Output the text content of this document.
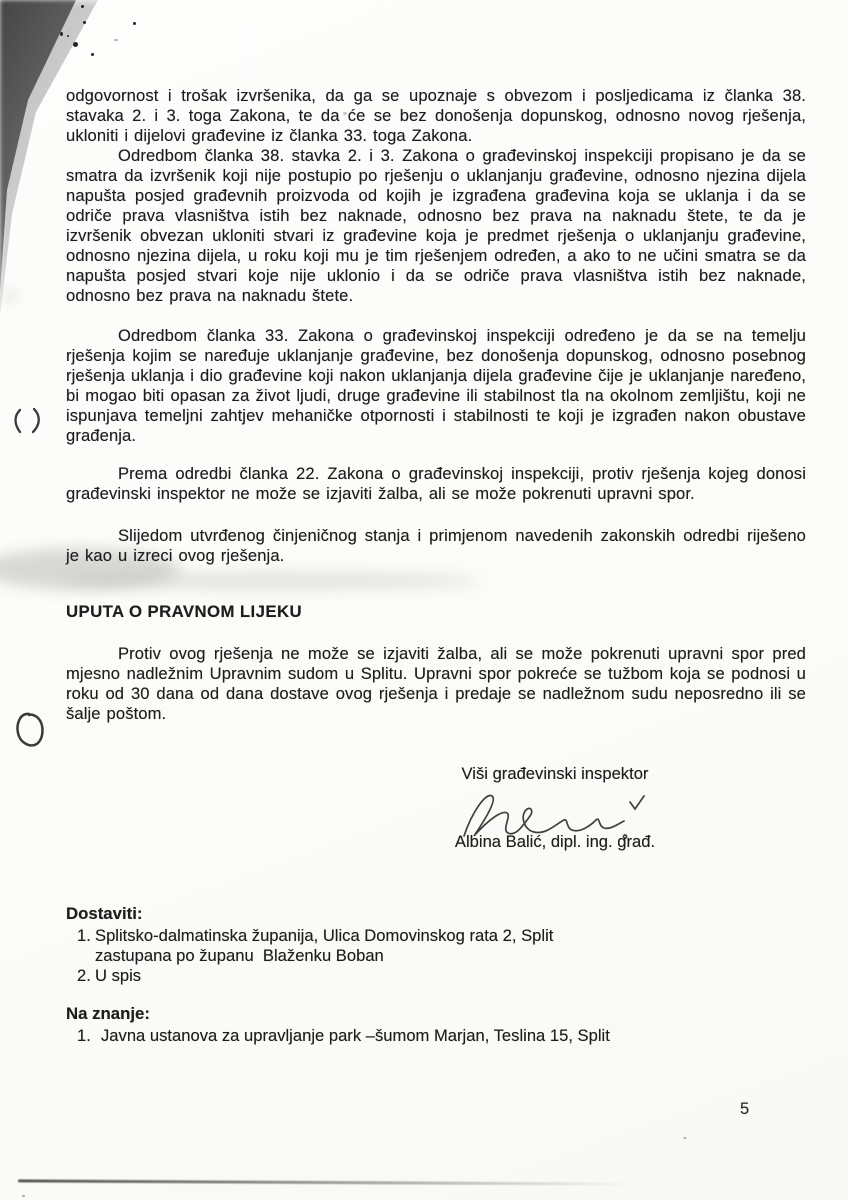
odgovornost i trošak izvršenika, da ga se upoznaje s obvezom i posljedicama iz članka 38. stavaka 2. i 3. toga Zakona, te da će se bez donošenja dopunskog, odnosno novog rješenja, ukloniti i dijelovi građevine iz članka 33. toga Zakona.

Odredbom članka 38. stavka 2. i 3. Zakona o građevinskoj inspekciji propisano je da se smatra da izvršenik koji nije postupio po rješenju o uklanjanju građevine, odnosno njezina dijela napušta posjed građevnih proizvoda od kojih je izgrađena građevina koja se uklanja i da se odriče prava vlasništva istih bez naknade, odnosno bez prava na naknadu štete, te da je izvršenik obvezan ukloniti stvari iz građevine koja je predmet rješenja o uklanjanju građevine, odnosno njezina dijela, u roku koji mu je tim rješenjem određen, a ako to ne učini smatra se da napušta posjed stvari koje nije uklonio i da se odriče prava vlasništva istih bez naknade, odnosno bez prava na naknadu štete.

Odredbom članka 33. Zakona o građevinskoj inspekciji određeno je da se na temelju rješenja kojim se naređuje uklanjanje građevine, bez donošenja dopunskog, odnosno posebnog rješenja uklanja i dio građevine koji nakon uklanjanja dijela građevine čije je uklanjanje naređeno, bi mogao biti opasan za život ljudi, druge građevine ili stabilnost tla na okolnom zemljištu, koji ne ispunjava temeljni zahtjev mehaničke otpornosti i stabilnosti te koji je izgrađen nakon obustave građenja.

Prema odredbi članka 22. Zakona o građevinskoj inspekciji, protiv rješenja kojeg donosi građevinski inspektor ne može se izjaviti žalba, ali se može pokrenuti upravni spor.

Slijedom utvrđenog činjeničnog stanja i primjenom navedenih zakonskih odredbi riješeno je kao u izreci ovog rješenja.

UPUTA O PRAVNOM LIJEKU

Protiv ovog rješenja ne može se izjaviti žalba, ali se može pokrenuti upravni spor pred mjesno nadležnim Upravnim sudom u Splitu. Upravni spor pokreće se tužbom koja se podnosi u roku od 30 dana od dana dostave ovog rješenja i predaje se nadležnom sudu neposredno ili se šalje poštom.

Viši građevinski inspektor
Albina Balić, dipl. ing. građ.
Dostaviti:
1. Splitsko-dalmatinska županija, Ulica Domovinskog rata 2, Split
zastupana po županu  Blaženku Boban
2. U spis
Na znanje:
1. Javna ustanova za upravljanje park –šumom Marjan, Teslina 15, Split
5
